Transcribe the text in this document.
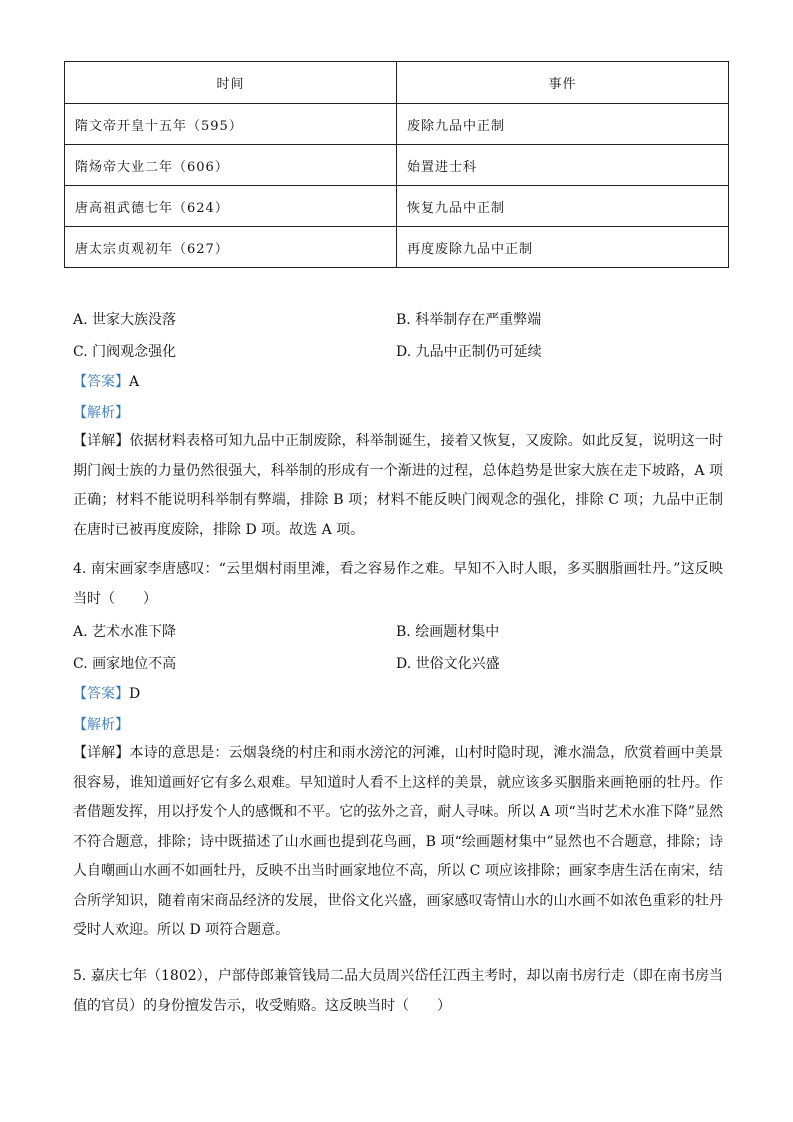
时间	事件
隋文帝开皇十五年（595）	废除九品中正制
隋炀帝大业二年（606）	始置进士科
唐高祖武德七年（624）	恢复九品中正制
唐太宗贞观初年（627）	再度废除九品中正制
A. 世家大族没落	B. 科举制存在严重弊端
C. 门阀观念强化	D. 九品中正制仍可延续
【答案】A
【解析】
【详解】依据材料表格可知九品中正制废除，科举制诞生，接着又恢复，又废除。如此反复，说明这一时期门阀士族的力量仍然很强大，科举制的形成有一个渐进的过程，总体趋势是世家大族在走下坡路，A 项正确；材料不能说明科举制有弊端，排除 B 项；材料不能反映门阀观念的强化，排除 C 项；九品中正制在唐时已被再度废除，排除 D 项。故选 A 项。
4. 南宋画家李唐感叹：“云里烟村雨里滩，看之容易作之难。早知不入时人眼，多买胭脂画牡丹。”这反映当时（　　）
A. 艺术水准下降	B. 绘画题材集中
C. 画家地位不高	D. 世俗文化兴盛
【答案】D
【解析】
【详解】本诗的意思是：云烟袅绕的村庄和雨水滂沱的河滩，山村时隐时现，滩水湍急，欣赏着画中美景很容易，谁知道画好它有多么艰难。早知道时人看不上这样的美景，就应该多买胭脂来画艳丽的牡丹。作者借题发挥，用以抒发个人的感慨和不平。它的弦外之音，耐人寻味。所以 A 项“当时艺术水准下降”显然不符合题意，排除；诗中既描述了山水画也提到花鸟画，B 项“绘画题材集中”显然也不合题意，排除；诗人自嘲画山水画不如画牡丹，反映不出当时画家地位不高，所以 C 项应该排除；画家李唐生活在南宋，结合所学知识，随着南宋商品经济的发展，世俗文化兴盛，画家感叹寄情山水的山水画不如浓色重彩的牡丹受时人欢迎。所以 D 项符合题意。
5. 嘉庆七年（1802），户部侍郎兼管钱局二品大员周兴岱任江西主考时，却以南书房行走（即在南书房当值的官员）的身份擅发告示，收受贿赂。这反映当时（　　）
